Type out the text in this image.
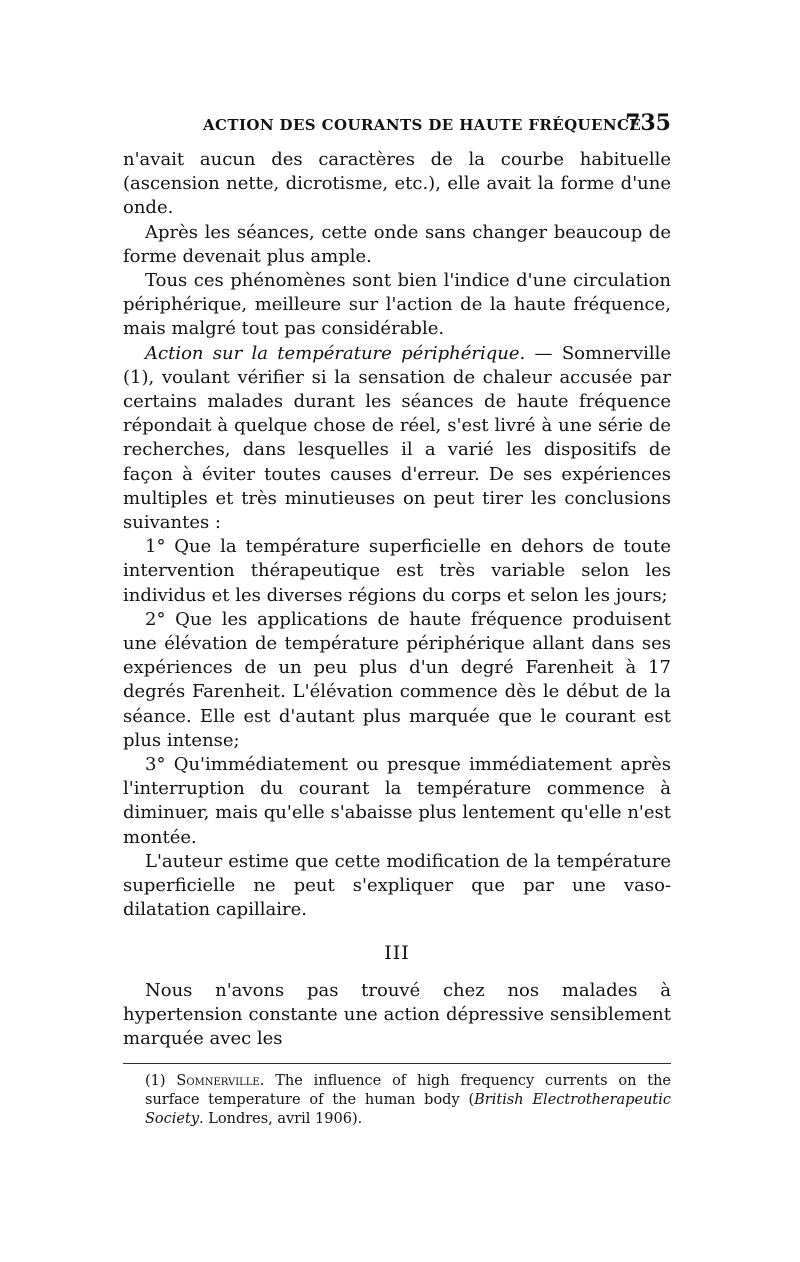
ACTION DES COURANTS DE HAUTE FRÉQUENCE
735

n'avait aucun des caractères de la courbe habituelle (ascension nette, dicrotisme, etc.), elle avait la forme d'une onde.

Après les séances, cette onde sans changer beaucoup de forme devenait plus ample.

Tous ces phénomènes sont bien l'indice d'une circulation périphérique, meilleure sur l'action de la haute fréquence, mais malgré tout pas considérable.

Action sur la température périphérique. — Somnerville (1), voulant vérifier si la sensation de chaleur accusée par certains malades durant les séances de haute fréquence répondait à quelque chose de réel, s'est livré à une série de recherches, dans lesquelles il a varié les dispositifs de façon à éviter toutes causes d'erreur. De ses expériences multiples et très minutieuses on peut tirer les conclusions suivantes :

1° Que la température superficielle en dehors de toute intervention thérapeutique est très variable selon les individus et les diverses régions du corps et selon les jours;

2° Que les applications de haute fréquence produisent une élévation de température périphérique allant dans ses expériences de un peu plus d'un degré Farenheit à 17 degrés Farenheit. L'élévation commence dès le début de la séance. Elle est d'autant plus marquée que le courant est plus intense;

3° Qu'immédiatement ou presque immédiatement après l'interruption du courant la température commence à diminuer, mais qu'elle s'abaisse plus lentement qu'elle n'est montée.

L'auteur estime que cette modification de la température superficielle ne peut s'expliquer que par une vaso-dilatation capillaire.

III

Nous n'avons pas trouvé chez nos malades à hypertension constante une action dépressive sensiblement marquée avec les

(1) Somnerville. The influence of high frequency currents on the surface temperature of the human body (British Electrotherapeutic Society. Londres, avril 1906).
